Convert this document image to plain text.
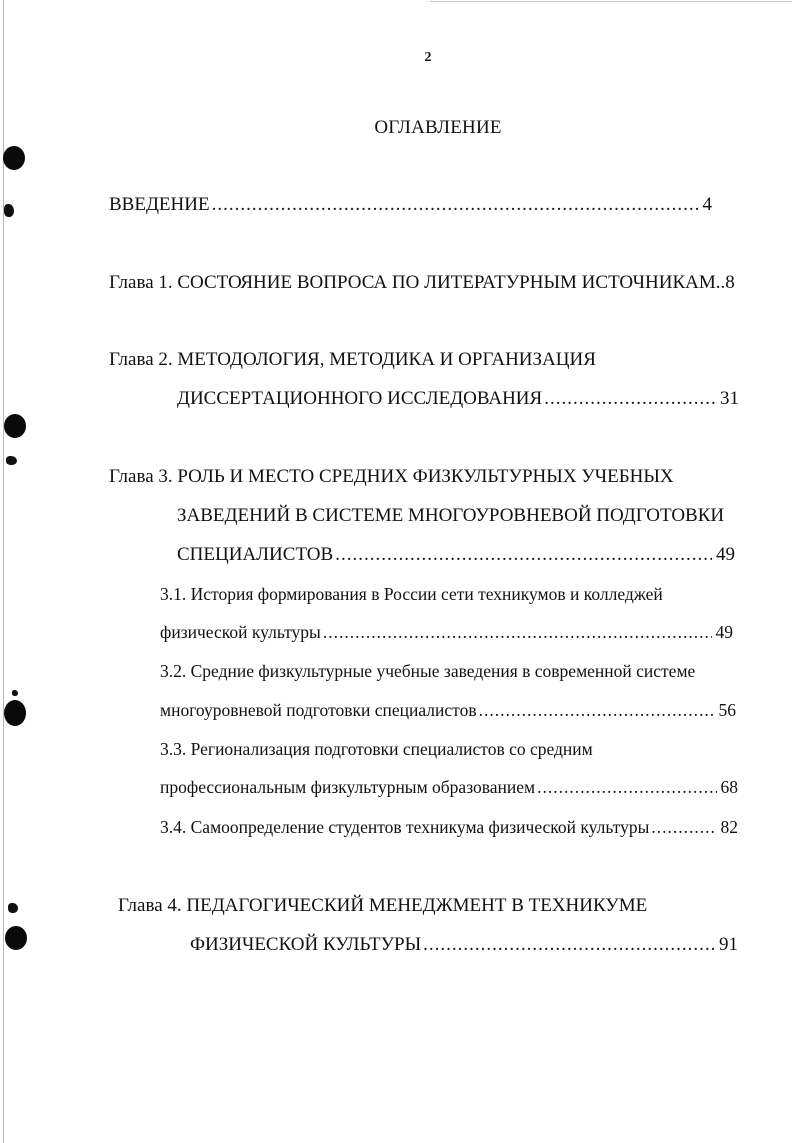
2
ОГЛАВЛЕНИЕ
ВВЕДЕНИЕ .....	4
Глава 1. СОСТОЯНИЕ ВОПРОСА ПО ЛИТЕРАТУРНЫМ ИСТОЧНИКАМ..8
Глава 2. МЕТОДОЛОГИЯ, МЕТОДИКА И ОРГАНИЗАЦИЯ
ДИССЕРТАЦИОННОГО ИССЛЕДОВАНИЯ .....	31
Глава 3. РОЛЬ И МЕСТО СРЕДНИХ ФИЗКУЛЬТУРНЫХ УЧЕБНЫХ
ЗАВЕДЕНИЙ В СИСТЕМЕ МНОГОУРОВНЕВОЙ ПОДГОТОВКИ
СПЕЦИАЛИСТОВ .....	49
3.1. История формирования в России сети техникумов и колледжей
физической культуры .....	49
3.2. Средние физкультурные учебные заведения в современной системе
многоуровневой подготовки специалистов .....	56
3.3. Регионализация подготовки специалистов со средним
профессиональным физкультурным образованием .....	68
3.4. Самоопределение студентов техникума физической культуры .....	82
Глава 4. ПЕДАГОГИЧЕСКИЙ МЕНЕДЖМЕНТ В ТЕХНИКУМЕ
ФИЗИЧЕСКОЙ КУЛЬТУРЫ .....	91
